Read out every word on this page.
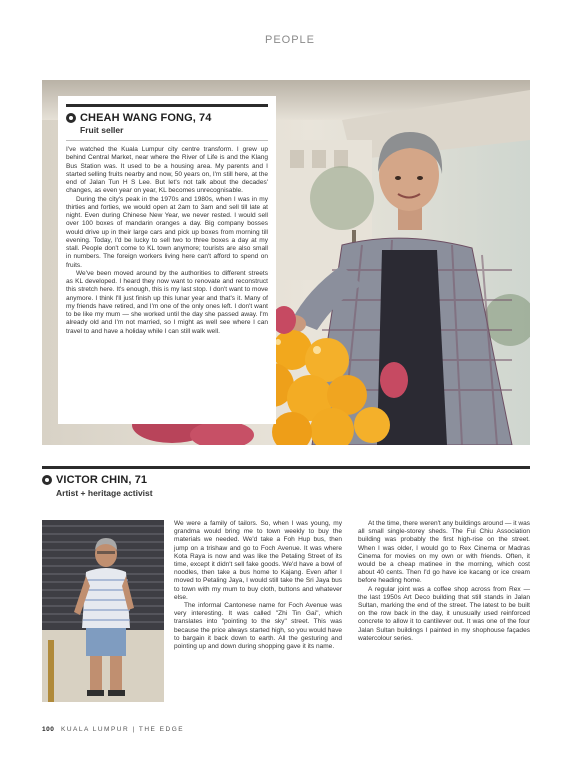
PEOPLE
CHEAH WANG FONG, 74
Fruit seller

I've watched the Kuala Lumpur city centre transform. I grew up behind Central Market, near where the River of Life is and the Klang Bus Station was. It used to be a housing area. My parents and I started selling fruits nearby and now, 50 years on, I'm still here, at the end of Jalan Tun H S Lee. But let's not talk about the decades' changes, as even year on year, KL becomes unrecognisable.

During the city's peak in the 1970s and 1980s, when I was in my thirties and forties, we would open at 2am to 3am and sell till late at night. Even during Chinese New Year, we never rested. I would sell over 100 boxes of mandarin oranges a day. Big company bosses would drive up in their large cars and pick up boxes from morning till evening. Today, I'd be lucky to sell two to three boxes a day at my stall. People don't come to KL town anymore; tourists are also small in numbers. The foreign workers living here can't afford to spend on fruits.

We've been moved around by the authorities to different streets as KL developed. I heard they now want to renovate and reconstruct this stretch here. It's enough, this is my last stop. I don't want to move anymore. I think I'll just finish up this lunar year and that's it. Many of my friends have retired, and I'm one of the only ones left. I don't want to be like my mum — she worked until the day she passed away. I'm already old and I'm not married, so I might as well see where I can travel to and have a holiday while I can still walk well.

VICTOR CHIN, 71
Artist + heritage activist

We were a family of tailors. So, when I was young, my grandma would bring me to town weekly to buy the materials we needed. We'd take a Foh Hup bus, then jump on a trishaw and go to Foch Avenue. It was where Kota Raya is now and was like the Petaling Street of its time, except it didn't sell fake goods. We'd have a bowl of noodles, then take a bus home to Kajang. Even after I moved to Petaling Jaya, I would still take the Sri Jaya bus to town with my mum to buy cloth, buttons and whatever else.

The informal Cantonese name for Foch Avenue was very interesting. It was called "Zhi Tin Gai", which translates into "pointing to the sky" street. This was because the price always started high, so you would have to bargain it back down to earth. All the gesturing and pointing up and down during shopping gave it its name.

At the time, there weren't any buildings around — it was all small single-storey sheds. The Fui Chiu Association building was probably the first high-rise on the street. When I was older, I would go to Rex Cinema or Madras Cinema for movies on my own or with friends. Often, it would be a cheap matinee in the morning, which cost about 40 cents. Then I'd go have ice kacang or ice cream before heading home.

A regular joint was a coffee shop across from Rex — the last 1950s Art Deco building that still stands in Jalan Sultan, marking the end of the street. The latest to be built on the row back in the day, it unusually used reinforced concrete to allow it to cantilever out. It was one of the four Jalan Sultan buildings I painted in my shophouse façades watercolour series.

100 KUALA LUMPUR | THE EDGE
